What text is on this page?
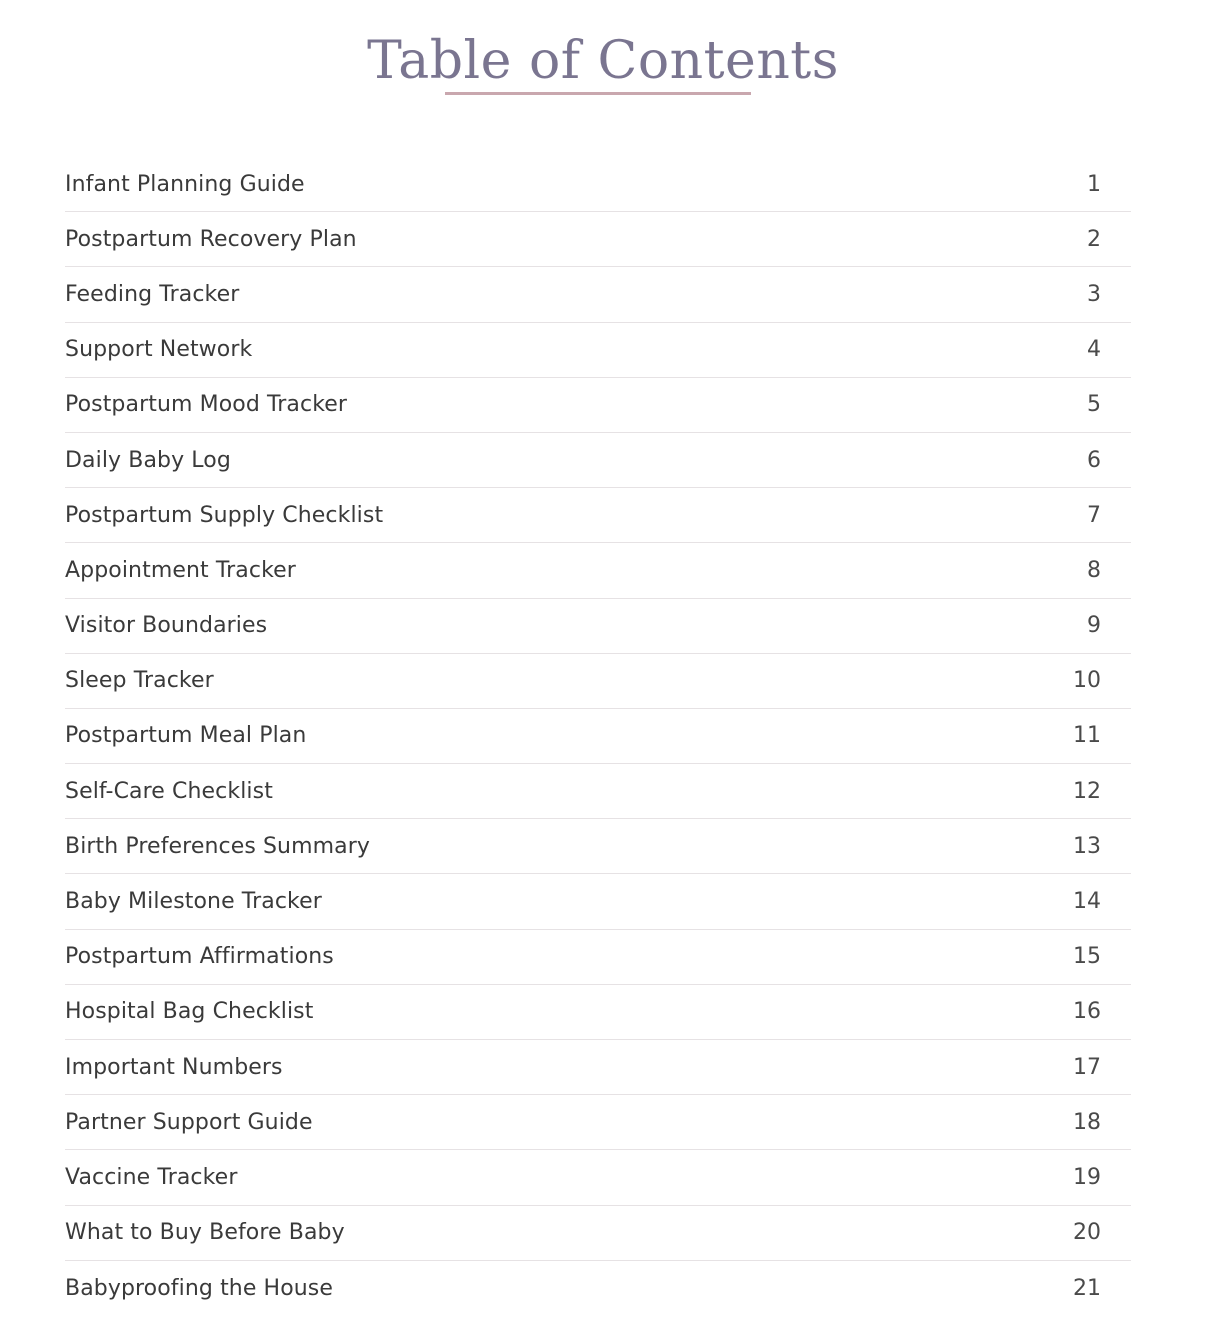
Table of Contents
Infant Planning Guide	1
Postpartum Recovery Plan	2
Feeding Tracker	3
Support Network	4
Postpartum Mood Tracker	5
Daily Baby Log	6
Postpartum Supply Checklist	7
Appointment Tracker	8
Visitor Boundaries	9
Sleep Tracker	10
Postpartum Meal Plan	11
Self-Care Checklist	12
Birth Preferences Summary	13
Baby Milestone Tracker	14
Postpartum Affirmations	15
Hospital Bag Checklist	16
Important Numbers	17
Partner Support Guide	18
Vaccine Tracker	19
What to Buy Before Baby	20
Babyproofing the House	21
